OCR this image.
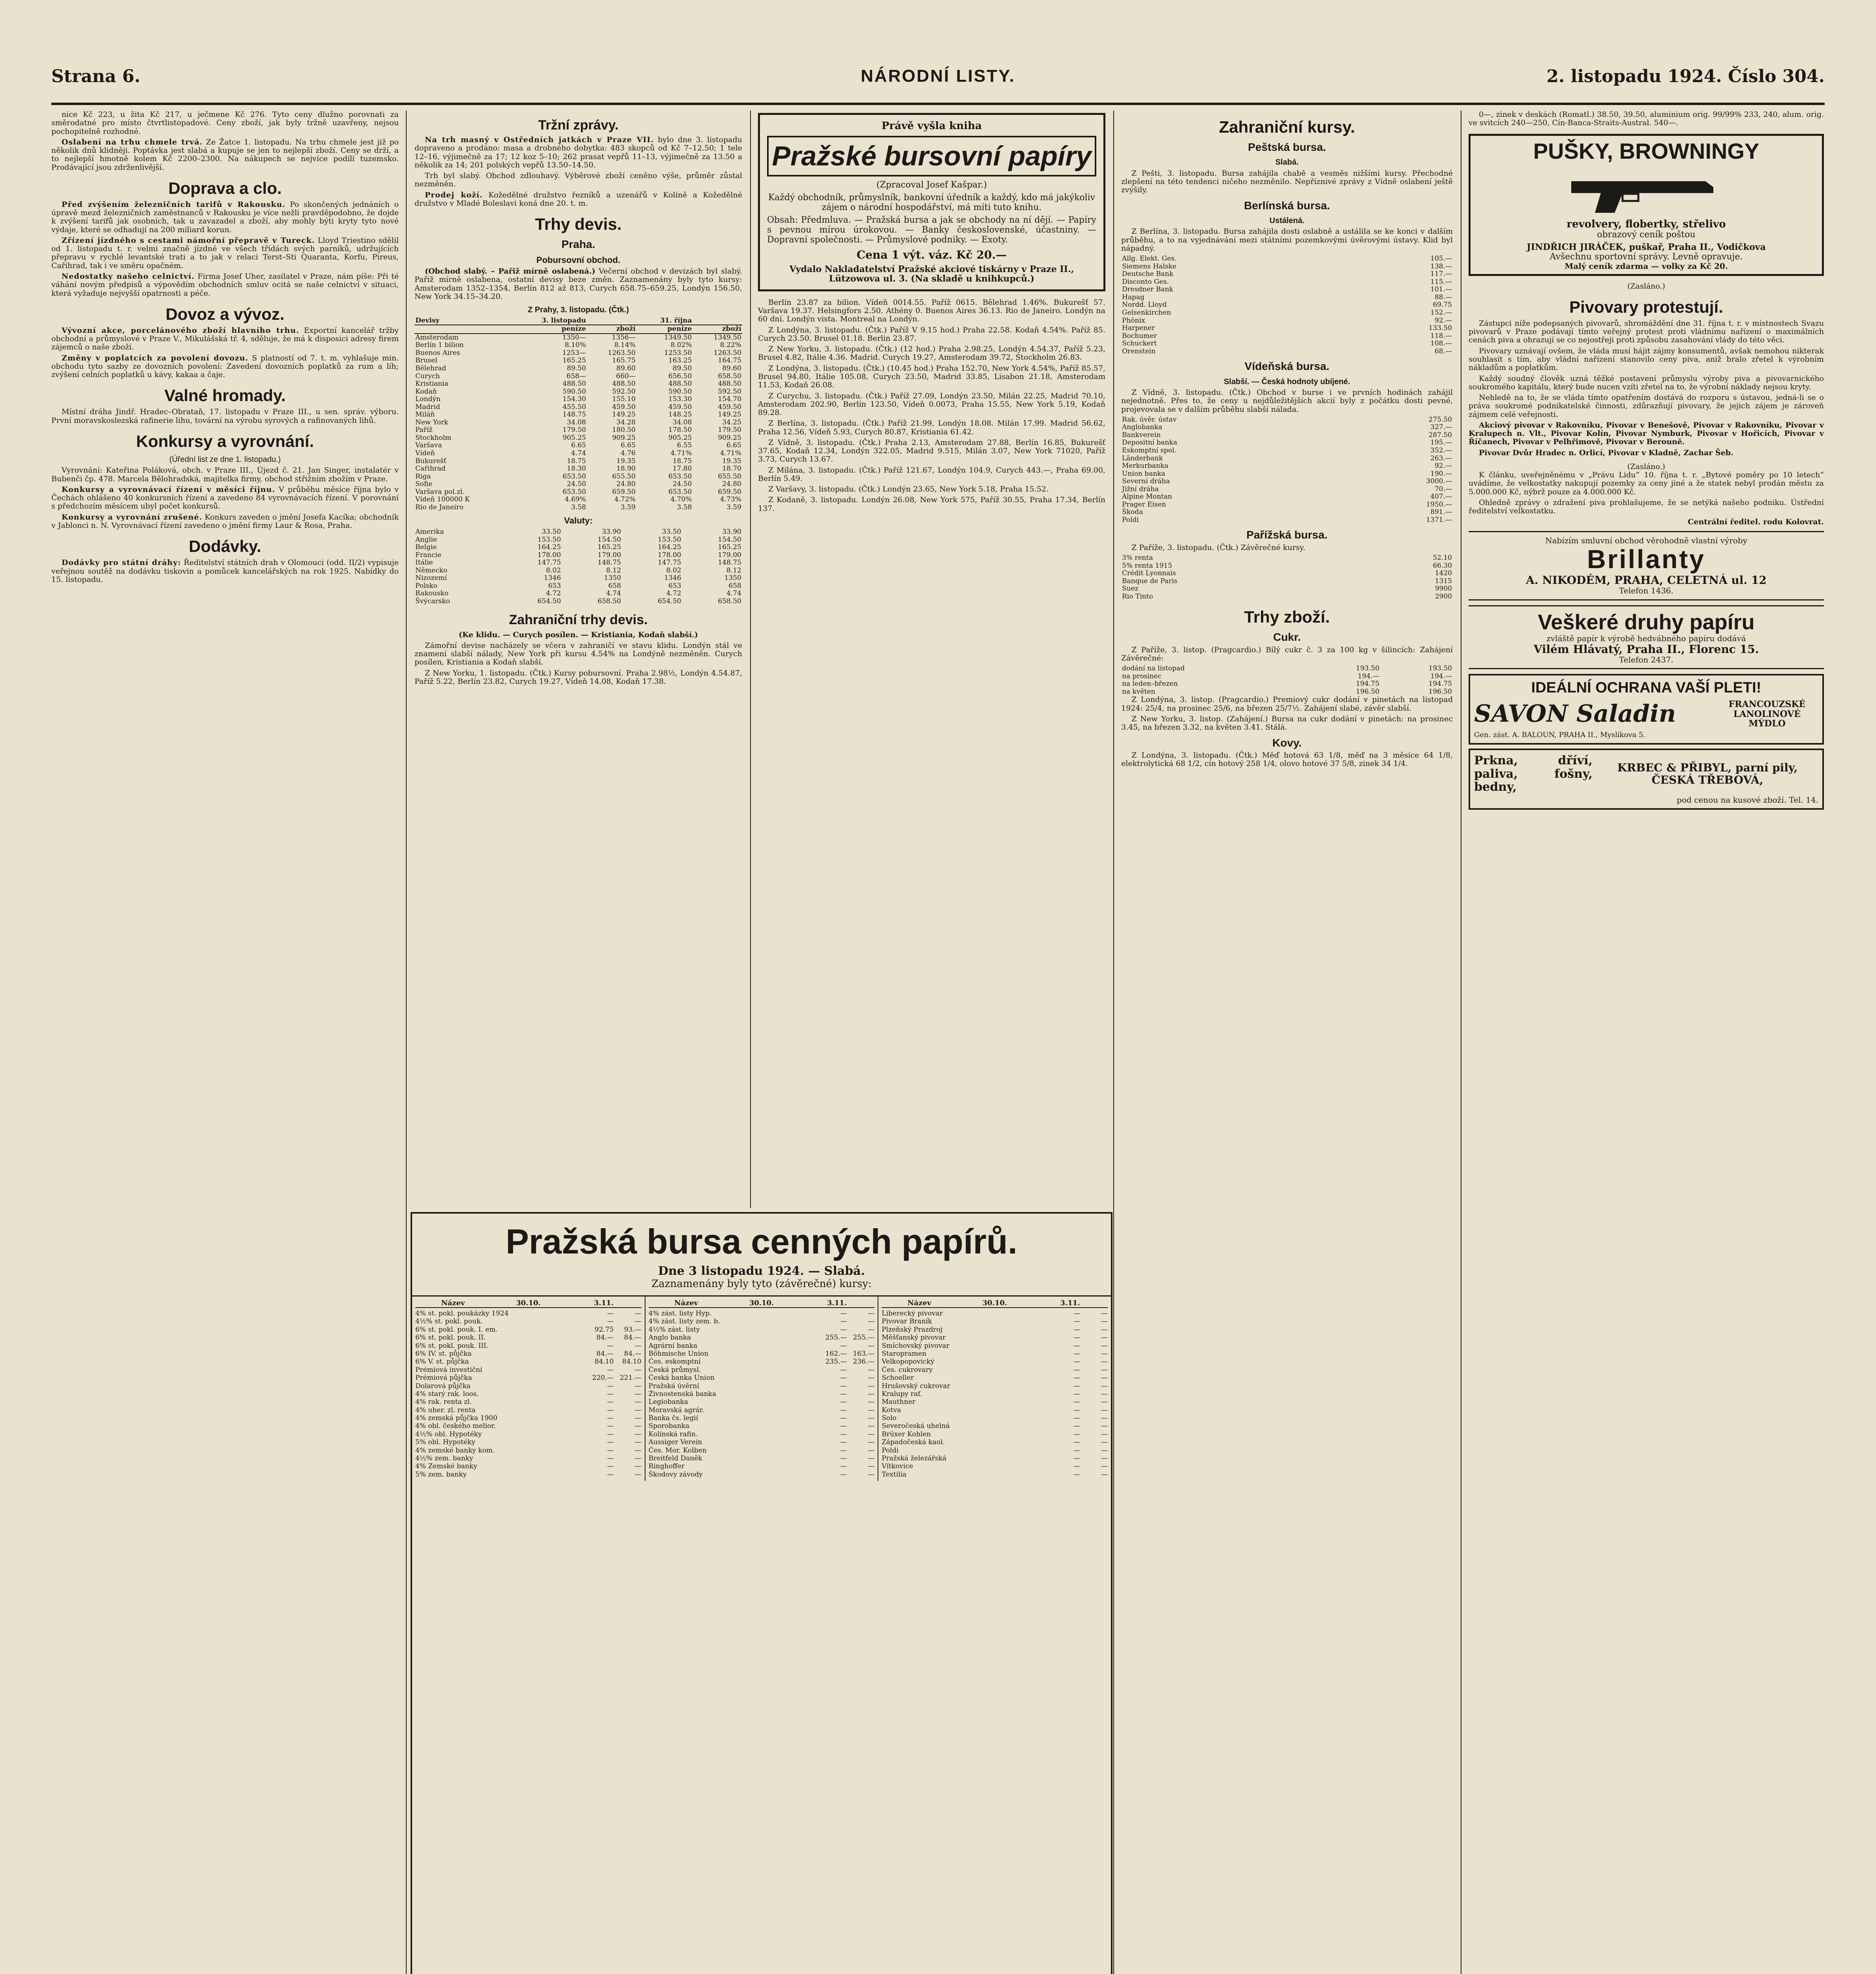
Strana 6.	NÁRODNÍ LISTY.	2. listopadu 1924. Číslo 304.

nice Kč 223, u žita Kč 217, u ječmene Kč 276. Tyto ceny dlužno porovnati za směrodatné pro místo čtvrtlistopadové. Ceny zboží, jak byly tržně uzavřeny, nejsou pochopitelně rozhodné.

Oslabení na trhu chmele trvá. Ze Žatce 1. listopadu. Na trhu chmele jest již po několik dnů klidněji. Poptávka jest slabá a kupuje se jen to nejlepší zboží. Ceny se drží, a to nejlepší hmotně kolem Kč 2200–2300. Na nákupech se nejvíce podílí tuzemsko. Prodávající jsou zdrženlivější.

Doprava a clo.

Před zvýšením železničních tarifů v Rakousku. Po skončených jednáních o úpravě mezd železničních zaměstnanců v Rakousku je více nežli pravděpodobno, že dojde k zvýšení tarifů jak osobních, tak u zavazadel a zboží, aby mohly býti kryty tyto nové výdaje, které se odhadují na 200 miliard korun.

Zřízení jízdného s cestami námořní přepravě v Tureck. Lloyd Triestino sdělil od 1. listopadu t. r. velmi značně jízdné ve všech třídách svých parníků, udržujících přepravu v rychlé levantské trati a to jak v relaci Terst–Sti Quaranta, Korfu, Pireus, Cařihrad, tak i ve směru opačném.

Nedostatky našeho celnictví. Firma Josef Uher, zasilatel v Praze, nám píše: Při té váhání novým předpisů a výpovědím obchodních smluv ocitá se naše celnictví v situaci, která vyžaduje nejvyšší opatrnosti a péče.

Dovoz a vývoz.

Vývozní akce, porcelánového zboží hlavního trhu. Exportní kancelář tržby obchodní a průmyslové v Praze V., Mikulášská tř. 4, sděluje, že má k disposici adresy firem zájemců o naše zboží.

Změny v poplatcích za povolení dovozu. S platností od 7. t. m. vyhlašuje min. obchodu tyto sazby ze dovozních povolení: Zavedení dovozních poplatků za rum a líh; zvýšení celních poplatků u kávy, kakaa a čaje.

Valné hromady.

Místní dráha Jindř. Hradec–Obrataň, 17. listopadu v Praze III., u sen. správ. výboru. První moravskoslezská rafinerie lihu, tovární na výrobu syrových a rafinovaných lihů.

Konkursy a vyrovnání.
(Úřední list ze dne 1. listopadu.)

Vyrovnání: Kateřina Poláková, obch. v Praze III., Újezd č. 21. Jan Singer, instalatér v Bubenči čp. 478. Marcela Bělohradská, majitelka firmy, obchod střižním zbožím v Praze.

Konkursy a vyrovnávací řízení v měsíci říjnu. V průběhu měsíce října bylo v Čechách ohlášeno 40 konkursních řízení a zavedeno 84 vyrovnávacích řízení. V porovnání s předchozím měsícem ubyl počet konkursů.

Konkursy a vyrovnání zrušené. Konkurs zaveden o jmění Josefa Kacíka; obchodník v Jablonci n. N. Vyrovnávací řízení zavedeno o jmění firmy Laur & Rosa, Praha.

Dodávky.

Dodávky pro státní dráhy: Ředitelství státních drah v Olomouci (odd. II/2) vypisuje veřejnou soutěž na dodávku tiskovin a pomůcek kancelářských na rok 1925. Nabídky do 15. listopadu.

Tržní zprávy.

Na trh masný v Ostředních jatkách v Praze VII. bylo dne 3. listopadu dopraveno a prodáno: masa a drobného dobytka: 483 skopců od Kč 7–12.50; 1 tele 12–16, výjimečně za 17; 12 koz 5–10; 262 prasat vepřů 11–13, výjimečně za 13.50 a několik za 14; 201 polských vepřů 13.50–14.50.

Trh byl slabý. Obchod zdlouhavý. Výběrové zboží ceněno výše, průměr zůstal nezměněn.

Prodej koží. Kožedělné družstvo řezníků a uzenářů v Kolíně a Kožedělné družstvo v Mladé Boleslavi koná dne 20. t. m.

Trhy devis.
Praha.
Pobursovní obchod.

(Obchod slabý. – Pařiž mírně oslabená.) Večerní obchod v devizách byl slabý. Pařiž mírně oslabena, ostatní devisy beze změn. Zaznamenány byly tyto kursy: Amsterodam 1352–1354, Berlín 812 až 813, Curych 658.75–659.25, Londýn 156.50, New York 34.15–34.20.

Z Prahy, 3. listopadu. (Čtk.)
Devisy	3. listopadu		31. října	
	peníze	zboží	peníze	zboží
Amsterodam	1350—	1356—	1349.50	1349.50
Berlín 1 bilion	8.10%	8.14%	8.02%	8.22%
Buenos Aires	1253—	1263.50	1253.50	1263.50
Brusel	165.25	165.75	163.25	164.75
Bělehrad	89.50	89.60	89.50	89.60
Curych	658—	660—	656.50	658.50
Kristiania	488.50	488.50	488.50	488.50
Kodaň	590.50	592.50	590.50	592.50
Londýn	154.30	155.10	153.30	154.70
Madrid	455.50	459.50	459.50	459.50
Miláň	148.75	149.25	148.25	149.25
New York	34.08	34.28	34.08	34.25
Paříž	179.50	180.50	178.50	179.50
Stockholm	905.25	909.25	905.25	909.25
Varšava	6.65	6.65	6.55	6.65
Vídeň	4.74	4.76	4.71%	4.71%
Bukurešť	18.75	19.35	18.75	19.35
Cařihrad	18.30	18.90	17.80	18.70
Riga	653.50	655.50	653.50	655.50
Sofie	24.50	24.80	24.50	24.80
Varšava pol.zl.	653.50	659.50	653.50	659.50
Vídeň 100000 K	4.69%	4.72%	4.70%	4.73%
Rio de Janeiro	3.58	3.59	3.58	3.59
Valuty:
Amerika	33.50	33.90	33.50	33.90
Anglie	153.50	154.50	153.50	154.50
Belgie	164.25	165.25	164.25	165.25
Francie	178.00	179.00	178.00	179.00
Itálie	147.75	148.75	147.75	148.75
Německo	8.02	8.12	8.02	8.12
Nizozemí	1346	1350	1346	1350
Polsko	653	658	653	658
Rakousko	4.72	4.74	4.72	4.74
Švýcarsko	654.50	658.50	654.50	658.50
Zahraniční trhy devis.

(Ke klidu. — Curych posílen. — Kristiania, Kodaň slabší.)

Zámořní devise nacházely se včera v zahraničí ve stavu klidu. Londýn stál ve znamení slabší nálady, New York při kursu 4.54% na Londýně nezměněn. Curych posílen, Kristiania a Kodaň slabší.

Z New Yorku, 1. listopadu. (Čtk.) Kursy pobursovní. Praha 2.98½, Londýn 4.54.87, Paříž 5.22, Berlín 23.82, Curych 19.27, Vídeň 14.08, Kodaň 17.38.

Právě vyšla kniha
Pražské bursovní papíry
(Zpracoval Josef Kašpar.)
Každý obchodník, průmyslník, bankovní úředník a každý, kdo má jakýkoliv zájem o národní hospodářství, má míti tuto knihu.
Obsah: Předmluva. — Pražská bursa a jak se obchody na ní dějí. — Papíry s pevnou mírou úrokovou. — Banky československé, účastniny. — Dopravní společnosti. — Průmyslové podniky. — Exoty.
Cena 1 výt. váz. Kč 20.—
Vydalo Nakladatelství Pražské akciové tiskárny v Praze II., Lützowova ul. 3. (Na skladě u knihkupců.)

Berlín 23.87 za bilion. Vídeň 0014.55. Paříž 0615. Bělehrad 1.46%. Bukurešť 57. Varšava 19.37. Helsingfors 2.50. Athény 0. Buenos Aires 36.13. Rio de Janeiro. Londýn na 60 dní. Londýn vista. Montreal na Londýn.

Z Londýna, 3. listopadu. (Čtk.) Paříž V 9.15 hod.) Praha 22.58. Kodaň 4.54%. Paříž 85. Curych 23.50. Brusel 01.18. Berlin 23.87.

Z New Yorku, 3. listopadu. (Čtk.) (12 hod.) Praha 2.98.25, Londýn 4.54.37, Paříž 5.23, Brusel 4.82, Itálie 4.36. Madrid. Curych 19.27, Amsterodam 39.72, Stockholm 26.83.

Z Londýna, 3. listopadu. (Čtk.) (10.45 hod.) Praha 152.70, New York 4.54%, Paříž 85.57, Brusel 94.80, Itálie 105.08, Curych 23.50, Madrid 33.85, Lisabon 21.18, Amsterodam 11.53, Kodaň 26.08.

Z Curychu, 3. listopadu. (Čtk.) Paříž 27.09, Londýn 23.50, Milán 22.25, Madrid 70.10, Amsterodam 202.90, Berlín 123.50, Vídeň 0.0073, Praha 15.55, New York 5.19, Kodaň 89.28.

Z Berlína, 3. listopadu. (Čtk.) Paříž 21.99, Londýn 18.08. Milán 17.99. Madrid 56.62, Praha 12.56, Vídeň 5.93, Curych 80.87, Kristiania 61.42.

Z Vídně, 3. listopadu. (Čtk.) Praha 2.13, Amsterodam 27.88, Berlín 16.85, Bukurešť 37.65, Kodaň 12.34, Londýn 322.05, Madrid 9.515, Milán 3.07, New York 71020, Paříž 3.73, Curych 13.67.

Z Milána, 3. listopadu. (Čtk.) Paříž 121.67, Londýn 104.9, Curych 443.—, Praha 69.00, Berlín 5.49.

Z Varšavy, 3. listopadu. (Čtk.) Londýn 23.65, New York 5.18, Praha 15.52.

Z Kodaně, 3. listopadu. Londýn 26.08, New York 575, Paříž 30.55, Praha 17.34, Berlín 137.

Pražská bursa cenných papírů.
Dne 3 listopadu 1924. — Slabá.
Zaznamenány byly tyto (závěrečné) kursy:
Název	30.10.	3.11.
4% st. pokl. poukázky 1924	—	—
4½% st. pokl. pouk.	—	—
6% st. pokl. pouk. I. em.	92.75	93.—
6% st. pokl. pouk. II.	84.—	84.—
6% st. pokl. pouk. III.	—	—
6% IV. st. půjčka	84.—	84.—
6% V. st. půjčka	84.10	84.10
Prémiová investiční	—	—
Prémiová půjčka	220.— 221.—
Dolarová půjčka	—	—
4% starý rak. loos.	—	—
4% rak. renta zl.	—	—
4% uher. zl. renta	—	—
4% zemská půjčka 1900	—	—
4% obl. českého melior.	—	—
4½% obl. Hypotéky	—	—
5% obl. Hypotéky	—	—
4% zemské banky kom.	—	—
4½% zem. banky	—	—
4% Zemské banky	—	—
5% zem. banky	—	—
Název	30.10.	3.11.
4% zást. listy Hyp.	—	—
4% zást. listy zem. b.	—	—
4½% zást. listy	—	—
Anglo bankа	255.— 255.—
Agrární banka	—	—
Böhmische Union	162.— 163.—
Čes. eskomptní	235.— 236.—
Česká průmysl.	—	—
Česká banka Union	—	—
Pražská úvěrní	—	—
Živnostenská banka	—	—
Legiobanka	—	—
Moravská agrár.	—	—
Banka čs. legií	—	—
Sporobanka	—	—
Kolínská rafin.	—	—
Aussiger Verein	—	—
Čes. Mor. Kolben	—	—
Breitfeld Daněk	—	—
Ringhoffer	—	—
Škodovy závody	—	—
Název	30.10.	3.11.
Liberecký pivovar	—	—
Pivovar Braník	—	—
Plzeňský Prazdroj	—	—
Měšťanský pivovar	—	—
Smíchovský pivovar	—	—
Staropramen	—	—
Velkopopovický	—	—
Čes. cukrovary	—	—
Schoeller	—	—
Hrušovský cukrovar	—	—
Kralupy raf.	—	—
Mauthner	—	—
Kotva	—	—
Solo	—	—
Severočeská uhelná	—	—
Brüxer Kohlen	—	—
Západočeská kaol.	—	—
Poldi	—	—
Pražská železářská	—	—
Vítkovice	—	—
Textilia	—	—
Zahraniční kursy.
Peštská bursa.
Slabá.

Z Pešti, 3. listopadu. Bursa zahájila chabě a vesměs nižšími kursy. Přechodné zlepšení na této tendenci ničeho nezměnilo. Nepříznivé zprávy z Vídně oslabení ještě zvýšily.

Berlínská bursa.
Ustálená.

Z Berlína, 3. listopadu. Bursa zahájila dosti oslabně a ustálila se ke konci v dalším průběhu, a to na vyjednávání mezi státními pozemkovými úvěrovými ústavy. Klid byl nápadný.

Allg. Elekt. Ges.	105.—
Siemens Halske	138.—
Deutsche Bank	117.—
Disconto Ges.	115.—
Dresdner Bank	101.—
Hapag	88.—
Nordd. Lloyd	69.75
Gelsenkirchen	152.—
Phönix	92.—
Harpener	133.50
Bochumer	118.—
Schuckert	108.—
Orenstein	68.—
Vídeňská bursa.
Slabší. — Česká hodnoty ubíjené.

Z Vídně, 3. listopadu. (Čtk.) Obchod v bursе i ve prvních hodinách zahájil nejednotně. Přes to, že ceny u nejdůležitějších akcií byly z počátku dosti pevné, projevovala se v dalším průběhu slabší nálada.

Rak. úvěr. ústav	275.50
Anglobanka	327.—
Bankverein	287.50
Depositní banka	195.—
Eskomptní spol.	352.—
Länderbank	263.—
Merkurbanka	92.—
Union banka	190.—
Severní dráha	3000.—
Jižní dráha	70.—
Alpine Montan	407.—
Prager Eisen	1950.—
Škoda	891.—
Poldi	1371.—
Pařížská bursa.

Z Paříže, 3. listopadu. (Čtk.) Závěrečné kursy.

3% renta	52.10
5% renta 1915	66.30
Crédit Lyonnais	1420
Banque de Paris	1315
Suez	9900
Rio Tinto	2900
Trhy zboží.
Cukr.

Z Paříže, 3. listop. (Pragcardio.) Bílý cukr č. 3 za 100 kg v šilincích: Zahájení Závěrečné:

dodání na listopad	193.50	193.50
na prosinec	194.—	194.—
na leden–březen	194.75	194.75
na květen	196.50	196.50

Z Londýna, 3. listop. (Pragcardio.) Premiový cukr dodání v pinetách na listopad 1924: 25/4, na prosinec 25/6, na březen 25/7½. Zahájení slabé, závěr slabší.

Z New Yorku, 3. listop. (Zahájení.) Bursa na cukr dodání v pinetách: na prosinec 3.45, na březen 3.32, na květen 3.41. Stálá.

Kovy.

Z Londýna, 3. listopadu. (Čtk.) Měď hotová 63 1/8, měď na 3 měsíce 64 1/8, elektrolytická 68 1/2, cín hotový 258 1/4, olovo hotové 37 5/8, zinek 34 1/4.

0—, zinek v deskách (Romatl.) 38.50, 39.50, aluminium orig. 99/99% 233, 240, alum. orig. ve svitcích 240—250, Cín-Banca-Straits-Austral. 540—.

PUŠKY, BROWNINGY
revolvery, flobertky, střelivo
obrazový ceník poštou
JINDŘICH JIRÁČEK, puškař, Praha II., Vodičkova
Avšechnu sportovní správy. Levně opravuje.
Malý ceník zdarma — volky za Kč 20.
(Zasláno.)
Pivovary protestují.

Zástupci níže podepsaných pivovarů, shromáždění dne 31. října t. r. v místnostech Svazu pivovarů v Praze podávají tímto veřejný protest proti vládnímu nařízení o maximálních cenách piva a ohrazují se co nejostřeji proti způsobu zasahování vlády do této věci.

Pivovary uznávají ovšem, že vláda musí hájit zájmy konsumentů, avšak nemohou nikterak souhlasit s tím, aby vládní nařízení stanovilo ceny piva, aniž bralo zřetel k výrobním nákladům a poplatkům.

Každý soudný člověk uzná těžké postavení průmyslu výroby piva a pivovarnického soukromého kapitálu, který bude nucen vzíti zřetel na to, že výrobní náklady nejsou kryty.

Nehledě na to, že se vláda tímto opatřením dostává do rozporu s ústavou, jedná-li se o práva soukromé podnikatelské činnosti, zdůrazňují pivovary, že jejich zájem je zároveň zájmem celé veřejnosti.

Akciový pivovar v Rakovníku, Pivovar v Benešově, Pivovar v Rakovníku, Pivovar v Kralupech n. Vlt., Pivovar Kolín, Pivovar Nymburk, Pivovar v Hořicích, Pivovar v Říčanech, Pivovar v Pelhřimově, Pivovar v Berouně.

Pivovar Dvůr Hradec n. Orlicí, Pivovar v Kladně, Zachar Šeb.

(Zasláno.)

K článku, uveřejněnému v „Právu Lidu“ 10. října t. r. „Bytové poměry po 10 letech“ uvádíme, že velkostatky nakupují pozemky za ceny jiné a že statek nebyl prodán městu za 5.000.000 Kč, nýbrž pouze za 4.000.000 Kč.

Ohledně zprávy o zdražení piva prohlašujeme, že se netýká našeho podniku. Ústřední ředitelství velkostatku.

Centrální ředitel. rodu Kolovrat.

Nabízím smluvní obchod věrohodně vlastní výroby
Brillanty
A. NIKODÉM, PRAHA, CELETNÁ ul. 12
Telefon 1436.
Veškeré druhy papíru
zvláště papír k výrobě hedvábného papíru dodává
Vilém Hlávatý, Praha II., Florenc 15.
Telefon 2437.
IDEÁLNÍ OCHRANA VAŠÍ PLETI!
SAVON Saladin	FRANCOUZSKÉ LANOLINOVÉ MÝDLO
Gen. zást. A. BALOUN, PRAHA II., Myslíkova 5.
Prkna, dříví, paliva, fošny, bedny,
KRBEC & PŘIBYL, parní pily, ČESKÁ TŘEBOVÁ,
pod cenou na kusové zboží. Tel. 14.
